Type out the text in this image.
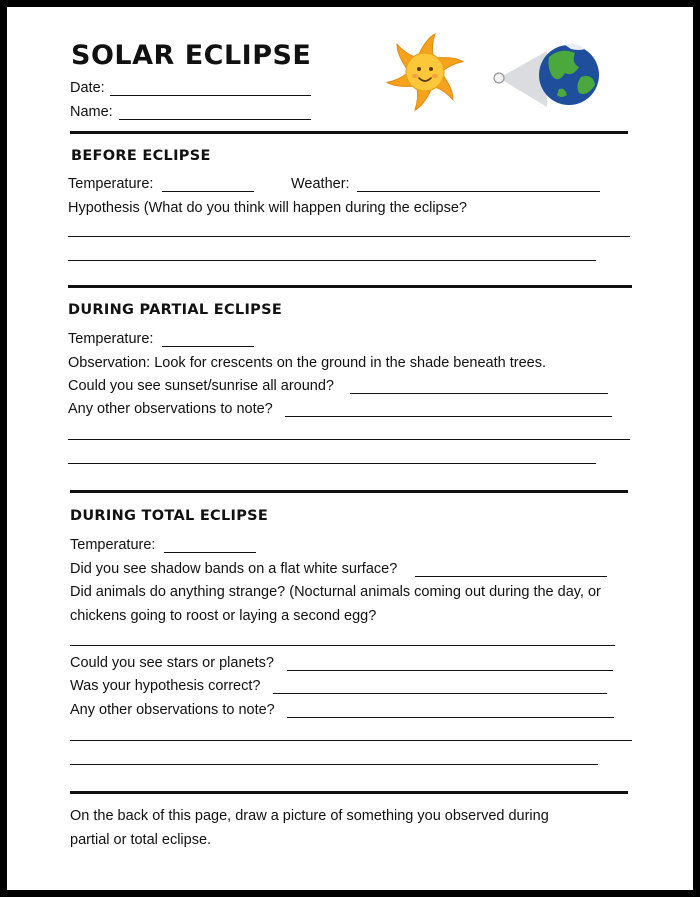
SOLAR ECLIPSE
Date:
Name:
BEFORE ECLIPSE
Temperature:	Weather:
Hypothesis (What do you think will happen during the eclipse?
DURING PARTIAL ECLIPSE
Temperature:
Observation: Look for crescents on the ground in the shade beneath trees.
Could you see sunset/sunrise all around?
Any other observations to note?
DURING TOTAL ECLIPSE
Temperature:
Did you see shadow bands on a flat white surface?
Did animals do anything strange? (Nocturnal animals coming out during the day, or
chickens going to roost or laying a second egg?
Could you see stars or planets?
Was your hypothesis correct?
Any other observations to note?
On the back of this page, draw a picture of something you observed during
partial or total eclipse.
